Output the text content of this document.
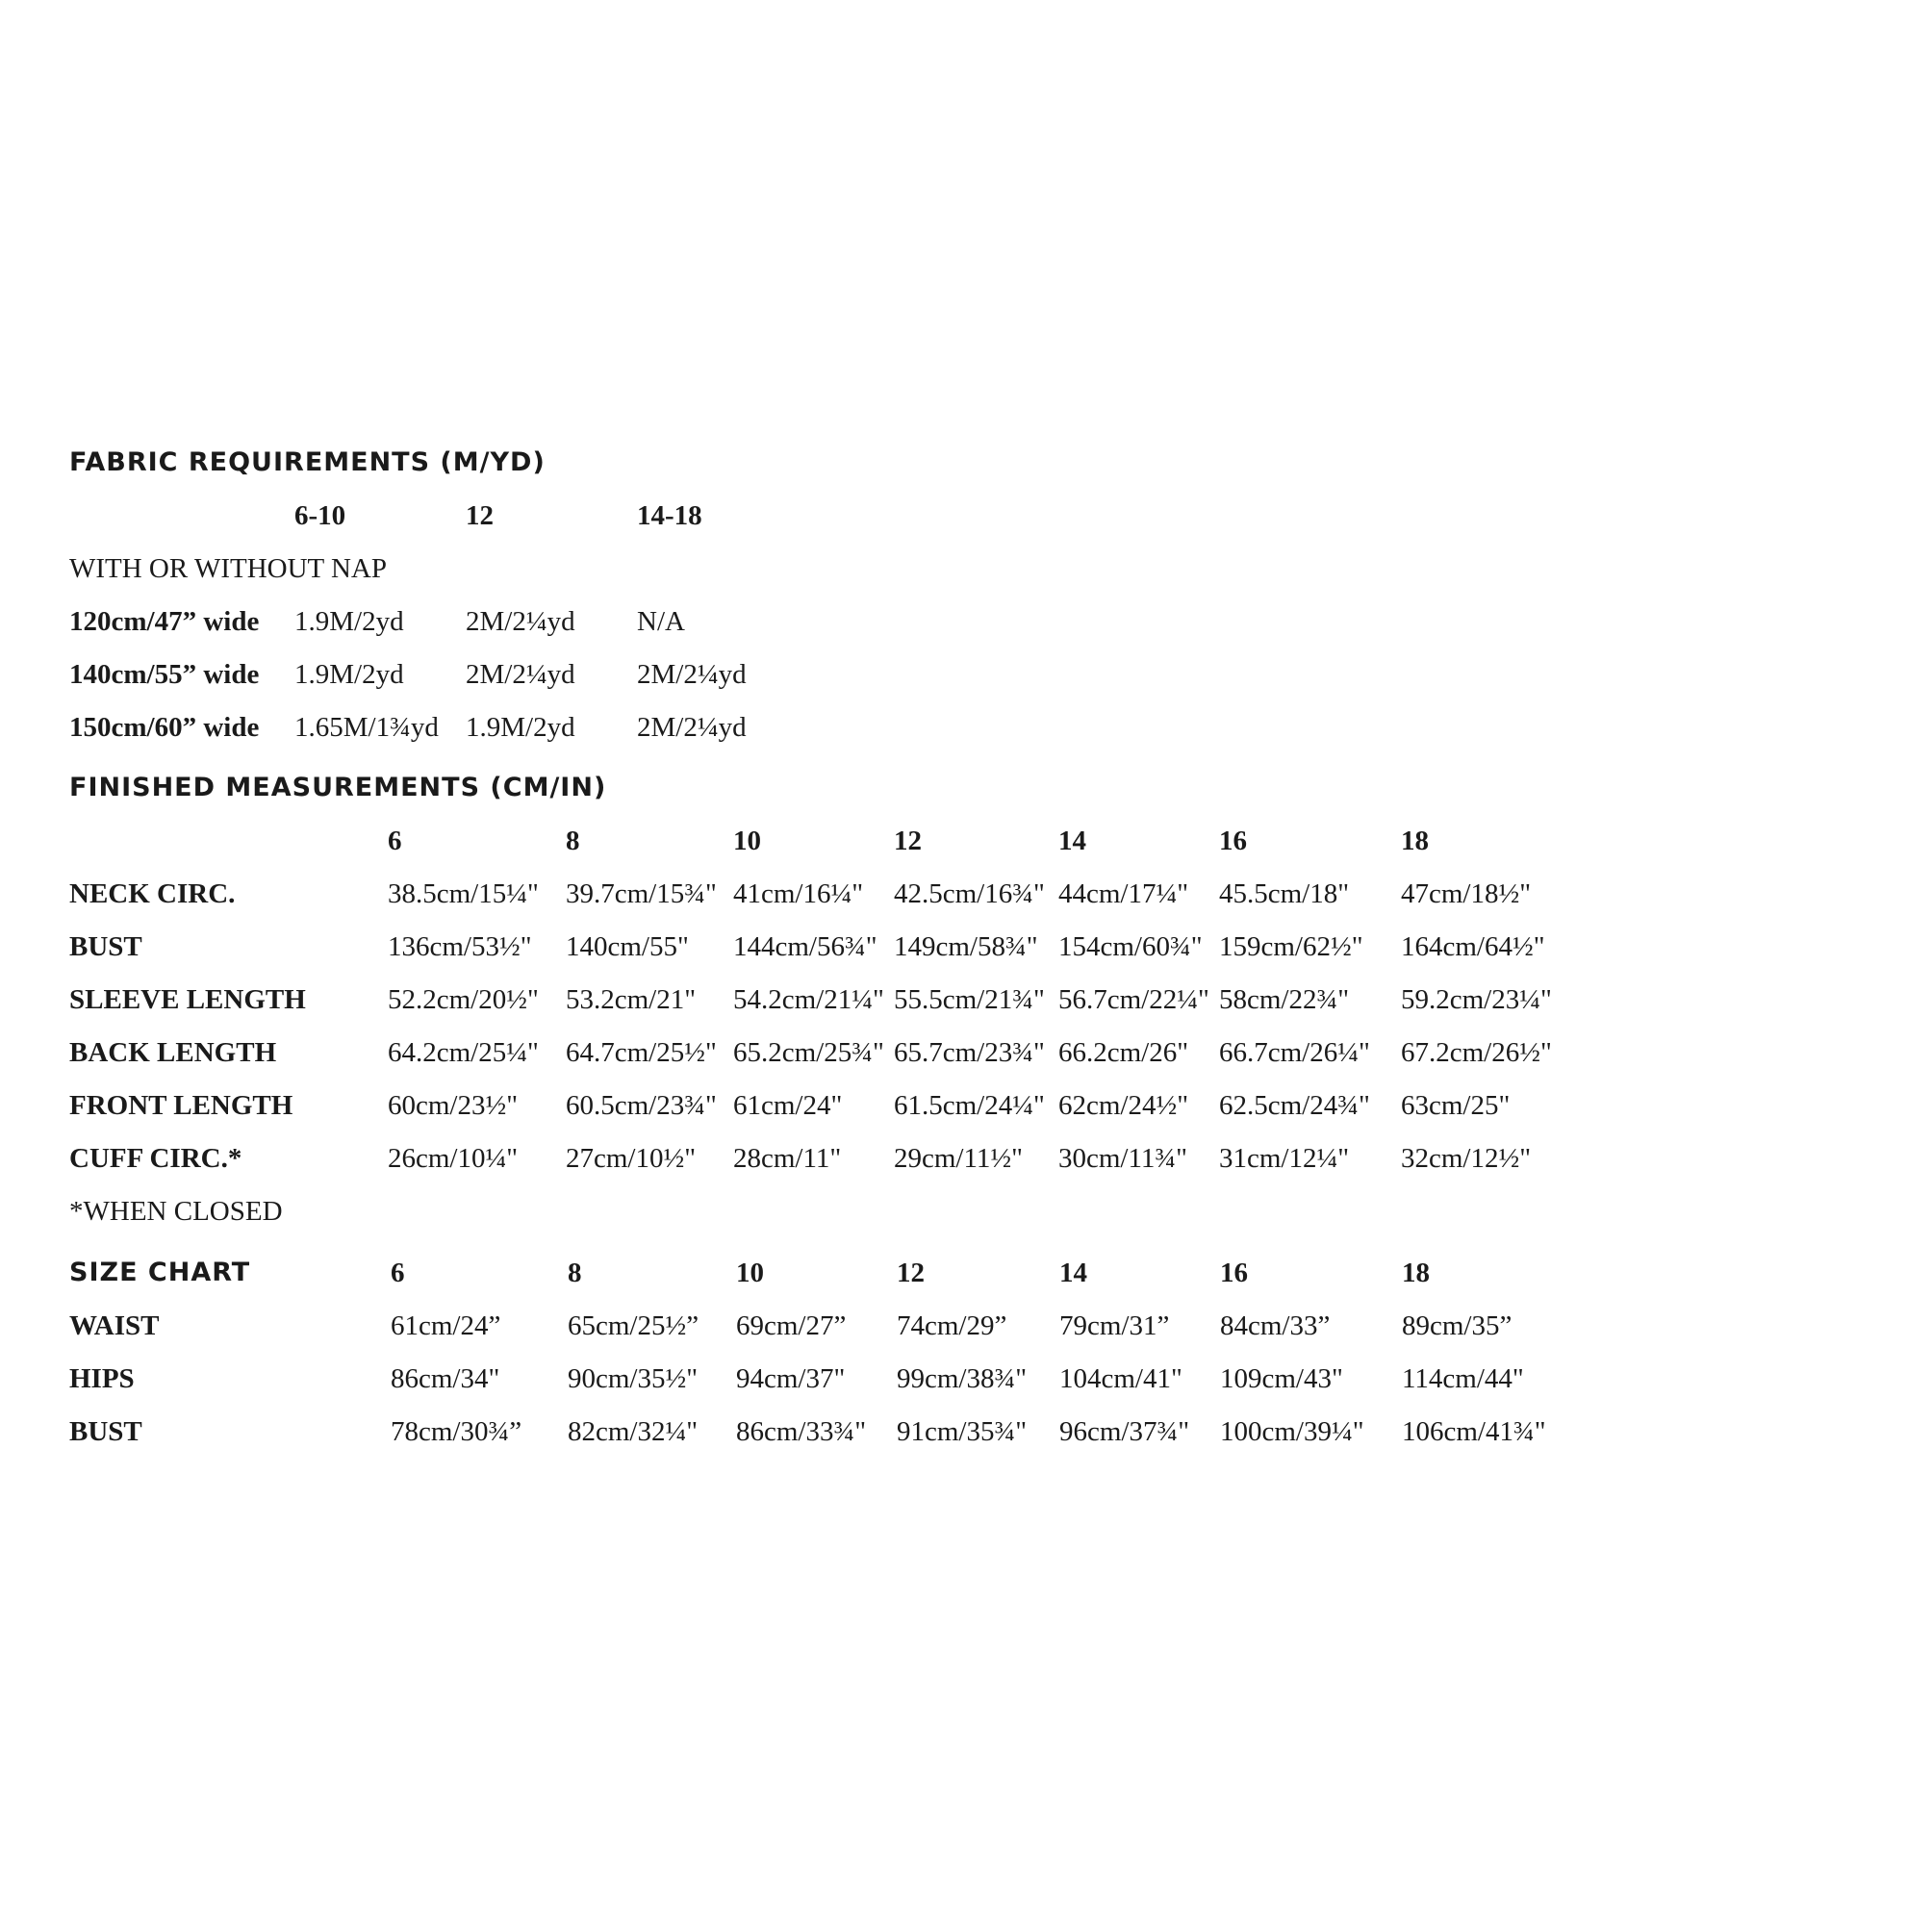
FABRIC REQUIREMENTS (M/YD)
6-10	12	14-18
WITH OR WITHOUT NAP
120cm/47” wide 1.9M/2yd 2M/2¼yd N/A
140cm/55” wide 1.9M/2yd 2M/2¼yd 2M/2¼yd
150cm/60” wide 1.65M/1¾yd 1.9M/2yd 2M/2¼yd
FINISHED MEASUREMENTS (CM/IN)
6	8	10	12	14	16	18
NECK CIRC.	38.5cm/15¼" 39.7cm/15¾" 41cm/16¼" 42.5cm/16¾" 44cm/17¼" 45.5cm/18" 47cm/18½"
BUST	136cm/53½" 140cm/55" 144cm/56¾" 149cm/58¾" 154cm/60¾" 159cm/62½" 164cm/64½"
SLEEVE LENGTH	52.2cm/20½" 53.2cm/21" 54.2cm/21¼" 55.5cm/21¾" 56.7cm/22¼" 58cm/22¾" 59.2cm/23¼"
BACK LENGTH	64.2cm/25¼" 64.7cm/25½" 65.2cm/25¾" 65.7cm/23¾" 66.2cm/26" 66.7cm/26¼" 67.2cm/26½"
FRONT LENGTH	60cm/23½" 60.5cm/23¾" 61cm/24" 61.5cm/24¼" 62cm/24½" 62.5cm/24¾" 63cm/25"
CUFF CIRC.*	26cm/10¼" 27cm/10½" 28cm/11" 29cm/11½" 30cm/11¾" 31cm/12¼" 32cm/12½"
*WHEN CLOSED
SIZE CHART	6	8	10	12	14	16	18
WAIST	61cm/24” 65cm/25½” 69cm/27” 74cm/29” 79cm/31” 84cm/33”	89cm/35”
HIPS	86cm/34" 90cm/35½" 94cm/37" 99cm/38¾" 104cm/41" 109cm/43" 114cm/44"
BUST	78cm/30¾” 82cm/32¼" 86cm/33¾" 91cm/35¾" 96cm/37¾" 100cm/39¼" 106cm/41¾"
